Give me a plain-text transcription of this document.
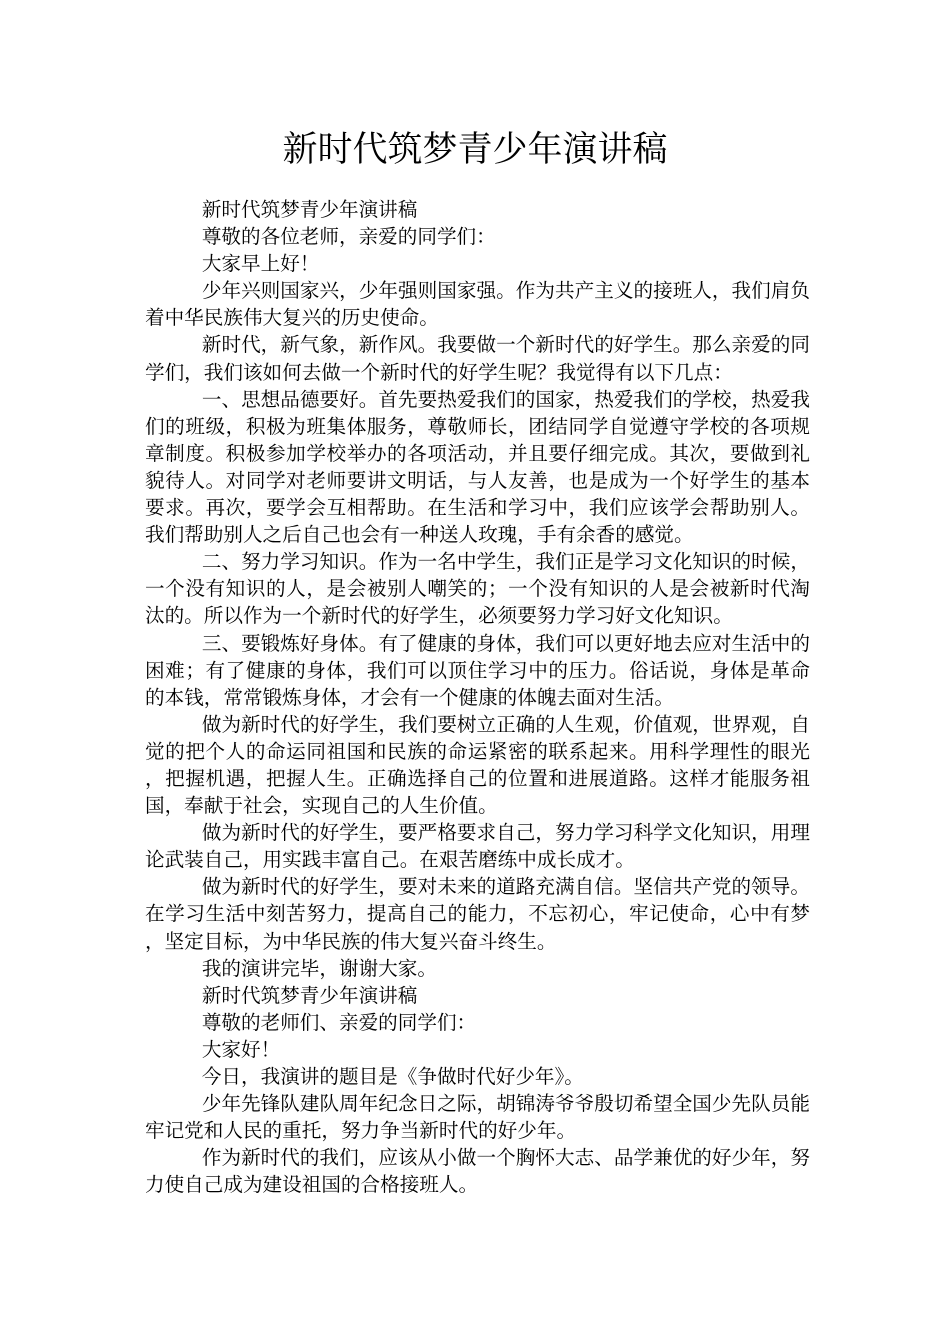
新时代筑梦青少年演讲稿

新时代筑梦青少年演讲稿

尊敬的各位老师，亲爱的同学们：

大家早上好！

少年兴则国家兴，少年强则国家强。作为共产主义的接班人，我们肩负着中华民族伟大复兴的历史使命。

新时代，新气象，新作风。我要做一个新时代的好学生。那么亲爱的同学们，我们该如何去做一个新时代的好学生呢？我觉得有以下几点：

一、思想品德要好。首先要热爱我们的国家，热爱我们的学校，热爱我们的班级，积极为班集体服务，尊敬师长，团结同学自觉遵守学校的各项规章制度。积极参加学校举办的各项活动，并且要仔细完成。其次，要做到礼貌待人。对同学对老师要讲文明话，与人友善，也是成为一个好学生的基本要求。再次，要学会互相帮助。在生活和学习中，我们应该学会帮助别人。我们帮助别人之后自己也会有一种送人玫瑰，手有余香的感觉。

二、努力学习知识。作为一名中学生，我们正是学习文化知识的时候，一个没有知识的人，是会被别人嘲笑的；一个没有知识的人是会被新时代淘汰的。所以作为一个新时代的好学生，必须要努力学习好文化知识。

三、要锻炼好身体。有了健康的身体，我们可以更好地去应对生活中的困难；有了健康的身体，我们可以顶住学习中的压力。俗话说，身体是革命的本钱，常常锻炼身体，才会有一个健康的体魄去面对生活。

做为新时代的好学生，我们要树立正确的人生观，价值观，世界观，自觉的把个人的命运同祖国和民族的命运紧密的联系起来。用科学理性的眼光，把握机遇，把握人生。正确选择自己的位置和进展道路。这样才能服务祖国，奉献于社会，实现自己的人生价值。

做为新时代的好学生，要严格要求自己，努力学习科学文化知识，用理论武装自己，用实践丰富自己。在艰苦磨练中成长成才。

做为新时代的好学生，要对未来的道路充满自信。坚信共产党的领导。在学习生活中刻苦努力，提高自己的能力，不忘初心，牢记使命，心中有梦，坚定目标，为中华民族的伟大复兴奋斗终生。

我的演讲完毕，谢谢大家。

新时代筑梦青少年演讲稿

尊敬的老师们、亲爱的同学们：

大家好！

今日，我演讲的题目是《争做时代好少年》。

少年先锋队建队周年纪念日之际，胡锦涛爷爷殷切希望全国少先队员能牢记党和人民的重托，努力争当新时代的好少年。

作为新时代的我们，应该从小做一个胸怀大志、品学兼优的好少年，努力使自己成为建设祖国的合格接班人。
